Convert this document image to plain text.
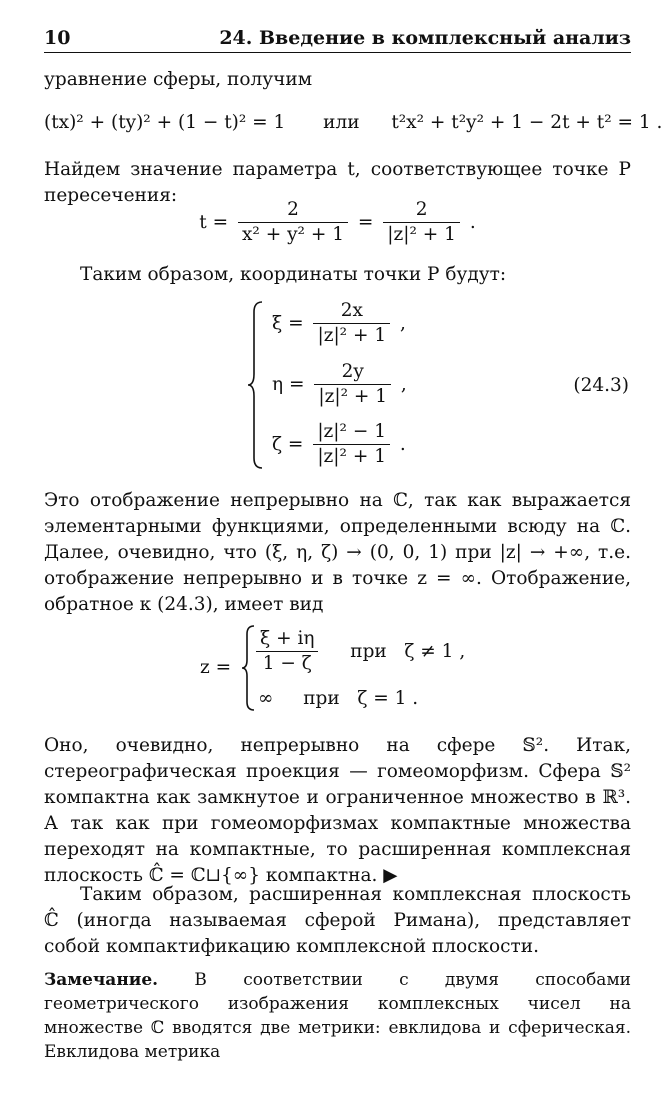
10	24. Введение в комплексный анализ
уравнение сферы, получим
(tx)² + (ty)² + (1 − t)² = 1 или t²x² + t²y² + 1 − 2t + t² = 1 .
Найдем значение параметра t, соответствующее точке P пересечения:
$t = \frac{2}{\text{x² + y² + 1}} = \frac{2}{\text{|z|² + 1}}$ .
Таким образом, координаты точки P будут:
$\xi = \frac{2x}{\text{|z|² + 1}}$ ,
$\eta = \frac{2y}{\text{|z|² + 1}}$ ,	(24.3)
$\zeta = \frac{\text{|z|² − 1}}{\text{|z|² + 1}}$ .
Это отображение непрерывно на ℂ, так как выражается элементарными функциями, определенными всюду на ℂ. Далее, очевидно, что (ξ, η, ζ) → (0, 0, 1) при |z| → +∞, т.е. отображение непрерывно и в точке z = ∞. Отображение, обратное к (24.3), имеет вид
$z = \frac{\xi + i\eta}{1 - \zeta}$ при   ζ ≠ 1 ,
∞ при   ζ = 1 .
Оно, очевидно, непрерывно на сфере 𝕊². Итак, стереографическая проекция — гомеоморфизм. Сфера 𝕊² компактна как замкнутое и ограниченное множество в ℝ³. А так как при гомеоморфизмах компактные множества переходят на компактные, то расширенная комплексная плоскость ℂ̂ = ℂ⊔{∞} компактна. ▶
Таким образом, расширенная комплексная плоскость ℂ̂ (иногда называемая сферой Римана), представляет собой компактификацию комплексной плоскости.
Замечание. В соответствии с двумя способами геометрического изображения комплексных чисел на множестве ℂ вводятся две метрики: евклидова и сферическая. Евклидова метрика
